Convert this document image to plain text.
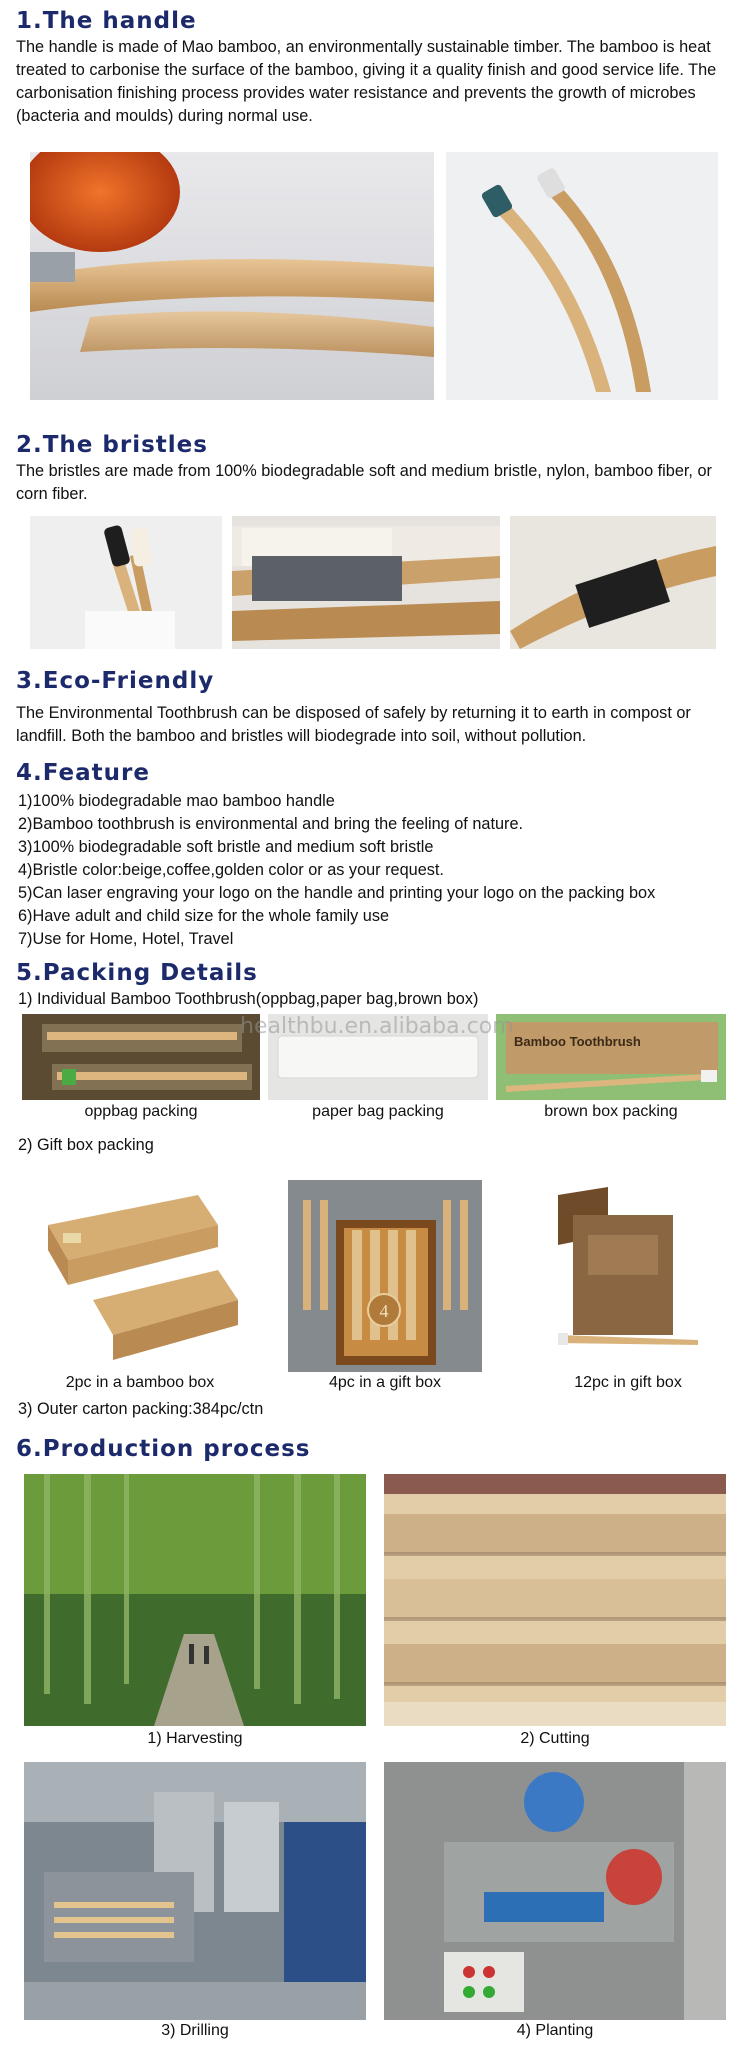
1.The handle

The handle is made of Mao bamboo, an environmentally sustainable timber. The bamboo is heat treated to carbonise the surface of the bamboo, giving it a quality finish and good service life. The carbonisation finishing process provides water resistance and prevents the growth of microbes (bacteria and moulds) during normal use.

2.The bristles

The bristles are made from 100% biodegradable soft and medium bristle, nylon, bamboo fiber, or corn fiber.

3.Eco-Friendly

The Environmental Toothbrush can be disposed of safely by returning it to earth in compost or landfill. Both the bamboo and bristles will biodegrade into soil, without pollution.

4.Feature
1)100% biodegradable mao bamboo handle
2)Bamboo toothbrush is environmental and bring the feeling of nature.
3)100% biodegradable soft bristle and medium soft bristle
4)Bristle color:beige,coffee,golden color or as your request.
5)Can laser engraving your logo on the handle and printing your logo on the packing box
6)Have adult and child size for the whole family use
7)Use for Home, Hotel, Travel
5.Packing Details
1) Individual Bamboo Toothbrush(oppbag,paper bag,brown box)
Bamboo Toothbrush
healthbu.en.alibaba.com
oppbag packing	paper bag packing	brown box packing
2) Gift box packing
4
2pc in a bamboo box	4pc in a gift box	12pc in gift box
3) Outer carton packing:384pc/ctn
6.Production process
1) Harvesting	2) Cutting
3) Drilling	4) Planting
